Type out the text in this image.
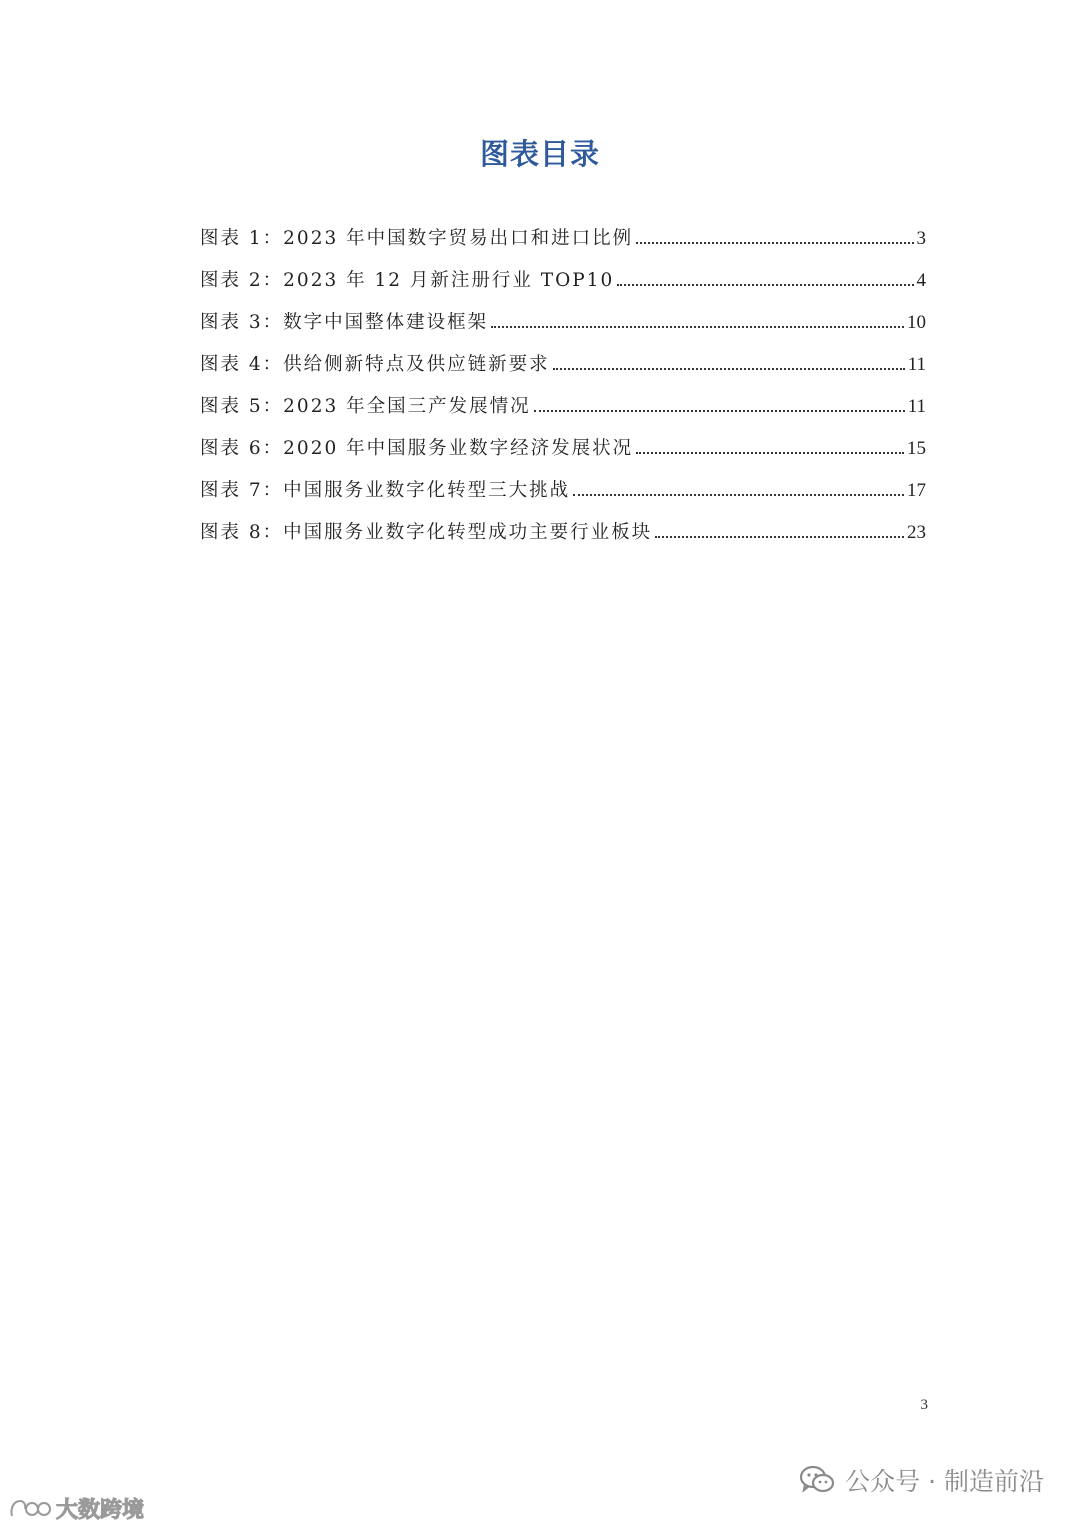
图表目录
图表 1：2023 年中国数字贸易出口和进口比例	3
图表 2：2023 年 12 月新注册行业 TOP10	4
图表 3：数字中国整体建设框架	10
图表 4：供给侧新特点及供应链新要求	11
图表 5：2023 年全国三产发展情况	11
图表 6：2020 年中国服务业数字经济发展状况	15
图表 7：中国服务业数字化转型三大挑战	17
图表 8：中国服务业数字化转型成功主要行业板块	23
3
公众号 · 制造前沿
大数跨境
